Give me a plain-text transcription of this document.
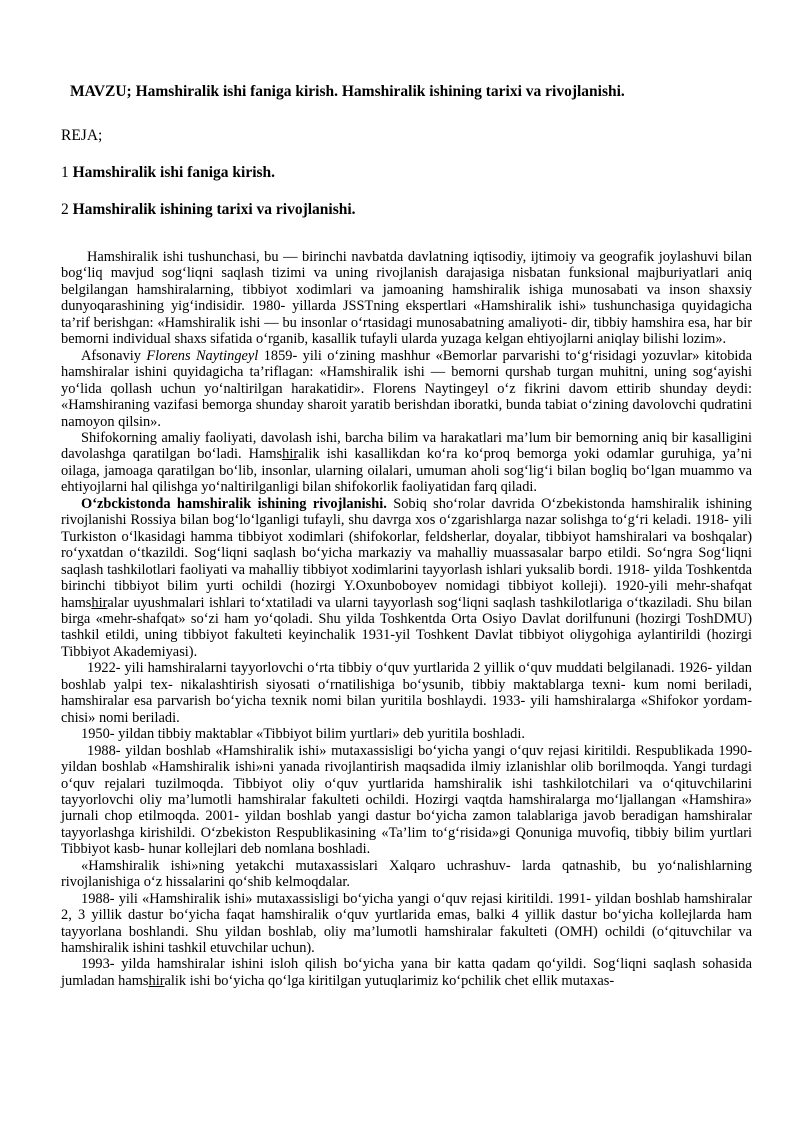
MAVZU; Hamshiralik ishi faniga kirish. Hamshiralik ishining tarixi va rivojlanishi.

REJA;

1 Hamshiralik ishi faniga kirish.

2 Hamshiralik ishining tarixi va rivojlanishi.

Hamshiralik ishi tushunchasi, bu — birinchi navbatda davlatning iqtisodiy, ijtimoiy va geografik joylashuvi bilan bog‘liq mavjud sog‘liqni saqlash tizimi va uning rivojlanish darajasiga nisbatan funksional majburiyatlari aniq belgilangan hamshiralarning, tibbiyot xodimlari va jamoaning hamshiralik ishiga munosabati va inson shaxsiy dunyoqarashining yig‘indisidir. 1980- yillarda JSSTning ekspertlari «Hamshiralik ishi» tushunchasiga quyidagicha ta’rif berishgan: «Hamshiralik ishi — bu insonlar o‘rtasidagi munosabatning amaliyoti- dir, tibbiy hamshira esa, har bir bemorni individual shaxs sifatida o‘rganib, kasallik tufayli ularda yuzaga kelgan ehtiyojlarni aniqlay bilishi lozim».

Afsonaviy Florens Naytingeyl 1859- yili o‘zining mashhur «Bemorlar parvarishi to‘g‘risidagi yozuvlar» kitobida hamshiralar ishini quyidagicha ta’riflagan: «Hamshiralik ishi — bemorni qurshab turgan muhitni, uning sog‘ayishi yo‘lida qollash uchun yo‘naltirilgan harakatidir». Florens Naytingeyl o‘z fikrini davom ettirib shunday deydi: «Hamshiraning vazifasi bemorga shunday sharoit yaratib berishdan iboratki, bunda tabiat o‘zining davolovchi qudratini namoyon qilsin».

Shifokorning amaliy faoliyati, davolash ishi, barcha bilim va harakatlari ma’lum bir bemorning aniq bir kasalligini davolashga qaratilgan bo‘ladi. Hamshiralik ishi kasallikdan ko‘ra ko‘proq bemorga yoki odamlar guruhiga, ya’ni oilaga, jamoaga qaratilgan bo‘lib, insonlar, ularning oilalari, umuman aholi sog‘lig‘i bilan bogliq bo‘lgan muammo va ehtiyojlarni hal qilishga yo‘naltirilganligi bilan shifokorlik faoliyatidan farq qiladi.

O‘zbckistonda hamshiralik ishining rivojlanishi. Sobiq sho‘rolar davrida O‘zbekistonda hamshiralik ishining rivojlanishi Rossiya bilan bog‘lo‘lganligi tufayli, shu davrga xos o‘zgarishlarga nazar solishga to‘g‘ri keladi. 1918- yili Turkiston o‘lkasidagi hamma tibbiyot xodimlari (shifokorlar, feldsherlar, doyalar, tibbiyot hamshiralari va boshqalar) ro‘yxatdan o‘tkazildi. Sog‘liqni saqlash bo‘yicha markaziy va mahalliy muassasalar barpo etildi. So‘ngra Sog‘liqni saqlash tashkilotlari faoliyati va mahalliy tibbiyot xodimlarini tayyorlash ishlari yuksalib bordi. 1918- yilda Toshkentda birinchi tibbiyot bilim yurti ochildi (hozirgi Y.Oxunboboyev nomidagi tibbiyot kolleji). 1920-yili mehr-shafqat hamshiralar uyushmalari ishlari to‘xtatiladi va ularni tayyorlash sog‘liqni saqlash tashkilotlariga o‘tkaziladi. Shu bilan birga «mehr-shafqat» so‘zi ham yo‘qoladi. Shu yilda Toshkentda Orta Osiyo Davlat dorilfununi (hozirgi ToshDMU) tashkil etildi, uning tibbiyot fakulteti keyinchalik 1931-yil Toshkent Davlat tibbiyot oliygohiga aylantirildi (hozirgi Tibbiyot Akademiyasi).

1922- yili hamshiralarni tayyorlovchi o‘rta tibbiy o‘quv yurtlarida 2 yillik o‘quv muddati belgilanadi. 1926- yildan boshlab yalpi tex- nikalashtirish siyosati o‘rnatilishiga bo‘ysunib, tibbiy maktablarga texni- kum nomi beriladi, hamshiralar esa parvarish bo‘yicha texnik nomi bilan yuritila boshlaydi. 1933- yili hamshiralarga «Shifokor yordam- chisi» nomi beriladi.

1950- yildan tibbiy maktablar «Tibbiyot bilim yurtlari» deb yuritila boshladi.

1988- yildan boshlab «Hamshiralik ishi» mutaxassisligi bo‘yicha yangi o‘quv rejasi kiritildi. Respublikada 1990- yildan boshlab «Hamshiralik ishi»ni yanada rivojlantirish maqsadida ilmiy izlanishlar olib borilmoqda. Yangi turdagi o‘quv rejalari tuzilmoqda. Tibbiyot oliy o‘quv yurtlarida hamshiralik ishi tashkilotchilari va o‘qituvchilarini tayyorlovchi oliy ma’lumotli hamshiralar fakulteti ochildi. Hozirgi vaqtda hamshiralarga mo‘ljallangan «Hamshira» jurnali chop etilmoqda. 2001- yildan boshlab yangi dastur bo‘yicha zamon talablariga javob beradigan hamshiralar tayyorlashga kirishildi. O‘zbekiston Respublikasining «Ta’lim to‘g‘risida»gi Qonuniga muvofiq, tibbiy bilim yurtlari Tibbiyot kasb- hunar kollejlari deb nomlana boshladi.

«Hamshiralik ishi»ning yetakchi mutaxassislari Xalqaro uchrashuv- larda qatnashib, bu yo‘nalishlarning rivojlanishiga o‘z hissalarini qo‘shib kelmoqdalar.

1988- yili «Hamshiralik ishi» mutaxassisligi bo‘yicha yangi o‘quv rejasi kiritildi. 1991- yildan boshlab hamshiralar 2, 3 yillik dastur bo‘yicha faqat hamshiralik o‘quv yurtlarida emas, balki 4 yillik dastur bo‘yicha kollejlarda ham tayyorlana boshlandi. Shu yildan boshlab, oliy ma’lumotli hamshiralar fakulteti (OMH) ochildi (o‘qituvchilar va hamshiralik ishini tashkil etuvchilar uchun).

1993- yilda hamshiralar ishini isloh qilish bo‘yicha yana bir katta qadam qo‘yildi. Sog‘liqni saqlash sohasida jumladan hamshiralik ishi bo‘yicha qo‘lga kiritilgan yutuqlarimiz ko‘pchilik chet ellik mutaxas-
